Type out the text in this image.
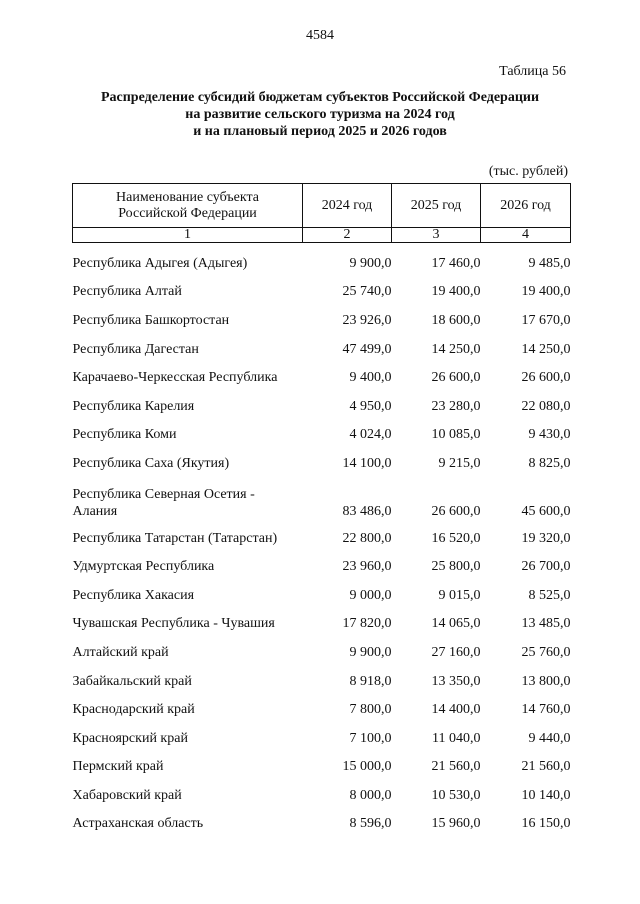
4584
Таблица 56
Распределение субсидий бюджетам субъектов Российской Федерации
на развитие сельского туризма на 2024 год
и на плановый период 2025 и 2026 годов
(тыс. рублей)
Наименование субъекта
Российской Федерации	2024 год	2025 год	2026 год
1	2	3	4

Республика Адыгея (Адыгея)	9 900,0	17 460,0	9 485,0

Республика Алтай	25 740,0	19 400,0	19 400,0

Республика Башкортостан	23 926,0	18 600,0	17 670,0

Республика Дагестан	47 499,0	14 250,0	14 250,0

Карачаево-Черкесская Республика	9 400,0	26 600,0	26 600,0

Республика Карелия	4 950,0	23 280,0	22 080,0

Республика Коми	4 024,0	10 085,0	9 430,0

Республика Саха (Якутия)	14 100,0	9 215,0	8 825,0

Республика Северная Осетия -
Алания	83 486,0	26 600,0	45 600,0

Республика Татарстан (Татарстан)	22 800,0	16 520,0	19 320,0

Удмуртская Республика	23 960,0	25 800,0	26 700,0

Республика Хакасия	9 000,0	9 015,0	8 525,0

Чувашская Республика - Чувашия	17 820,0	14 065,0	13 485,0

Алтайский край	9 900,0	27 160,0	25 760,0

Забайкальский край	8 918,0	13 350,0	13 800,0

Краснодарский край	7 800,0	14 400,0	14 760,0

Красноярский край	7 100,0	11 040,0	9 440,0

Пермский край	15 000,0	21 560,0	21 560,0

Хабаровский край	8 000,0	10 530,0	10 140,0

Астраханская область	8 596,0	15 960,0	16 150,0
